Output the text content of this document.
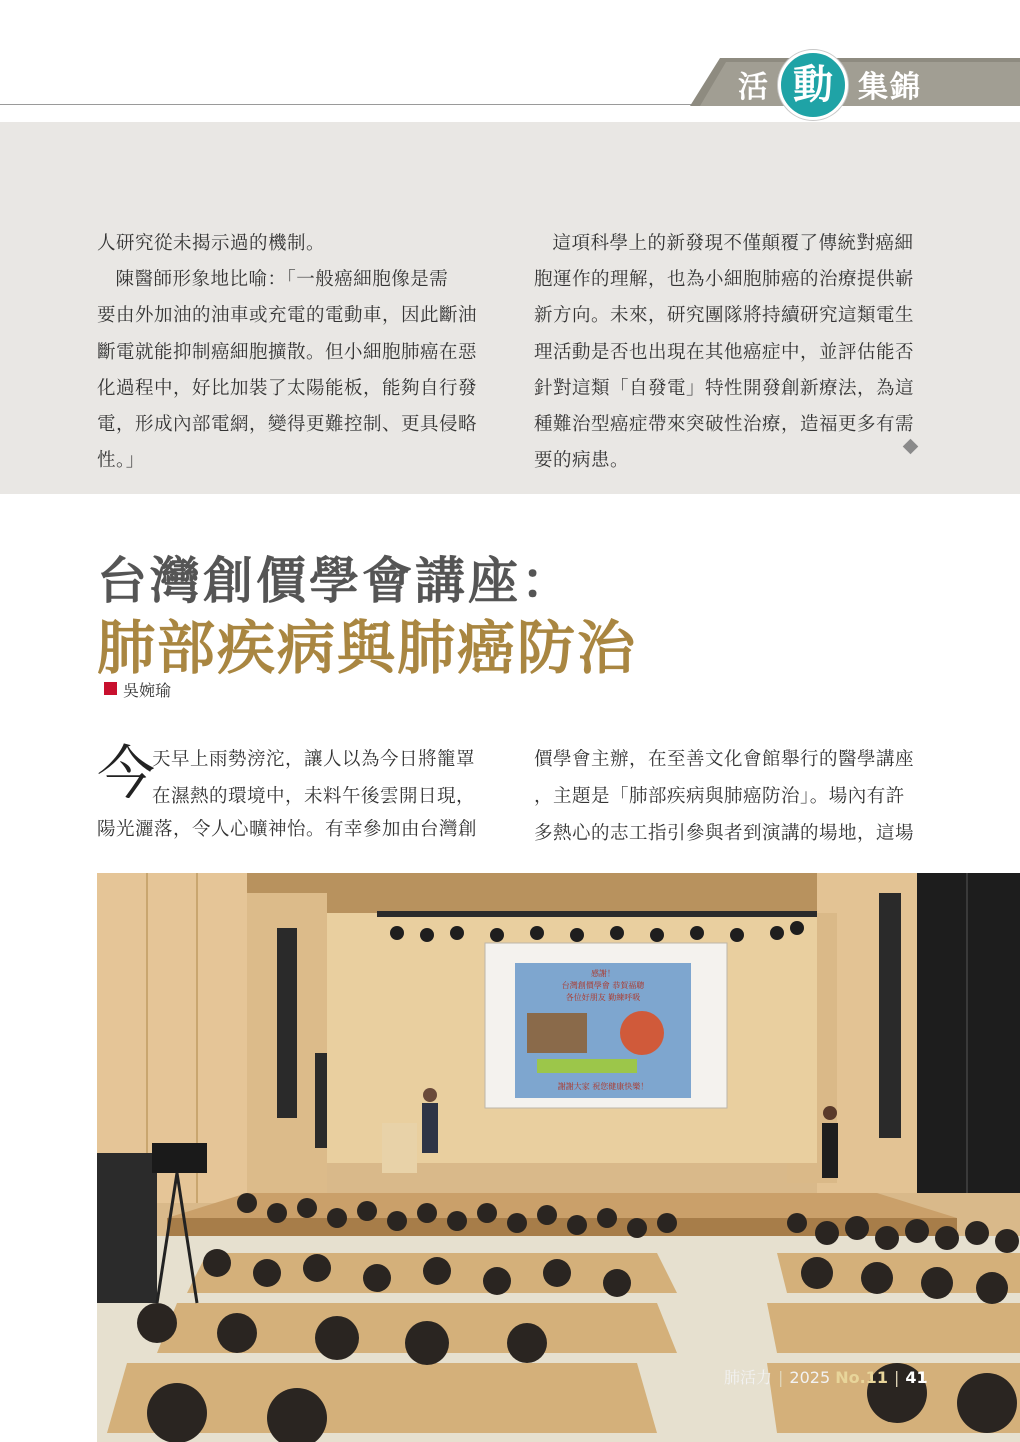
活 動 集錦

人研究從未揭示過的機制。

陳醫師形象地比喻：「一般癌細胞像是需

要由外加油的油車或充電的電動車，因此斷油

斷電就能抑制癌細胞擴散。但小細胞肺癌在惡

化過程中，好比加裝了太陽能板，能夠自行發

電，形成內部電網，變得更難控制、更具侵略

性。」

這項科學上的新發現不僅顛覆了傳統對癌細

胞運作的理解，也為小細胞肺癌的治療提供嶄

新方向。未來，研究團隊將持續研究這類電生

理活動是否也出現在其他癌症中，並評估能否

針對這類「自發電」特性開發創新療法，為這

種難治型癌症帶來突破性治療，造福更多有需

要的病患。

台灣創價學會講座：
肺部疾病與肺癌防治
吳婉瑜
今

天早上雨勢滂沱，讓人以為今日將籠罩

在濕熱的環境中，未料午後雲開日現，

陽光灑落，令人心曠神怡。有幸參加由台灣創

價學會主辦，在至善文化會館舉行的醫學講座

，主題是「肺部疾病與肺癌防治」。場內有許

多熱心的志工指引參與者到演講的場地，這場

感謝！
台灣創價學會 恭賀福聰
各位好朋友 勤練呼吸
謝謝大家 祝您健康快樂！
肺活力 | 2025 No.11 | 41
